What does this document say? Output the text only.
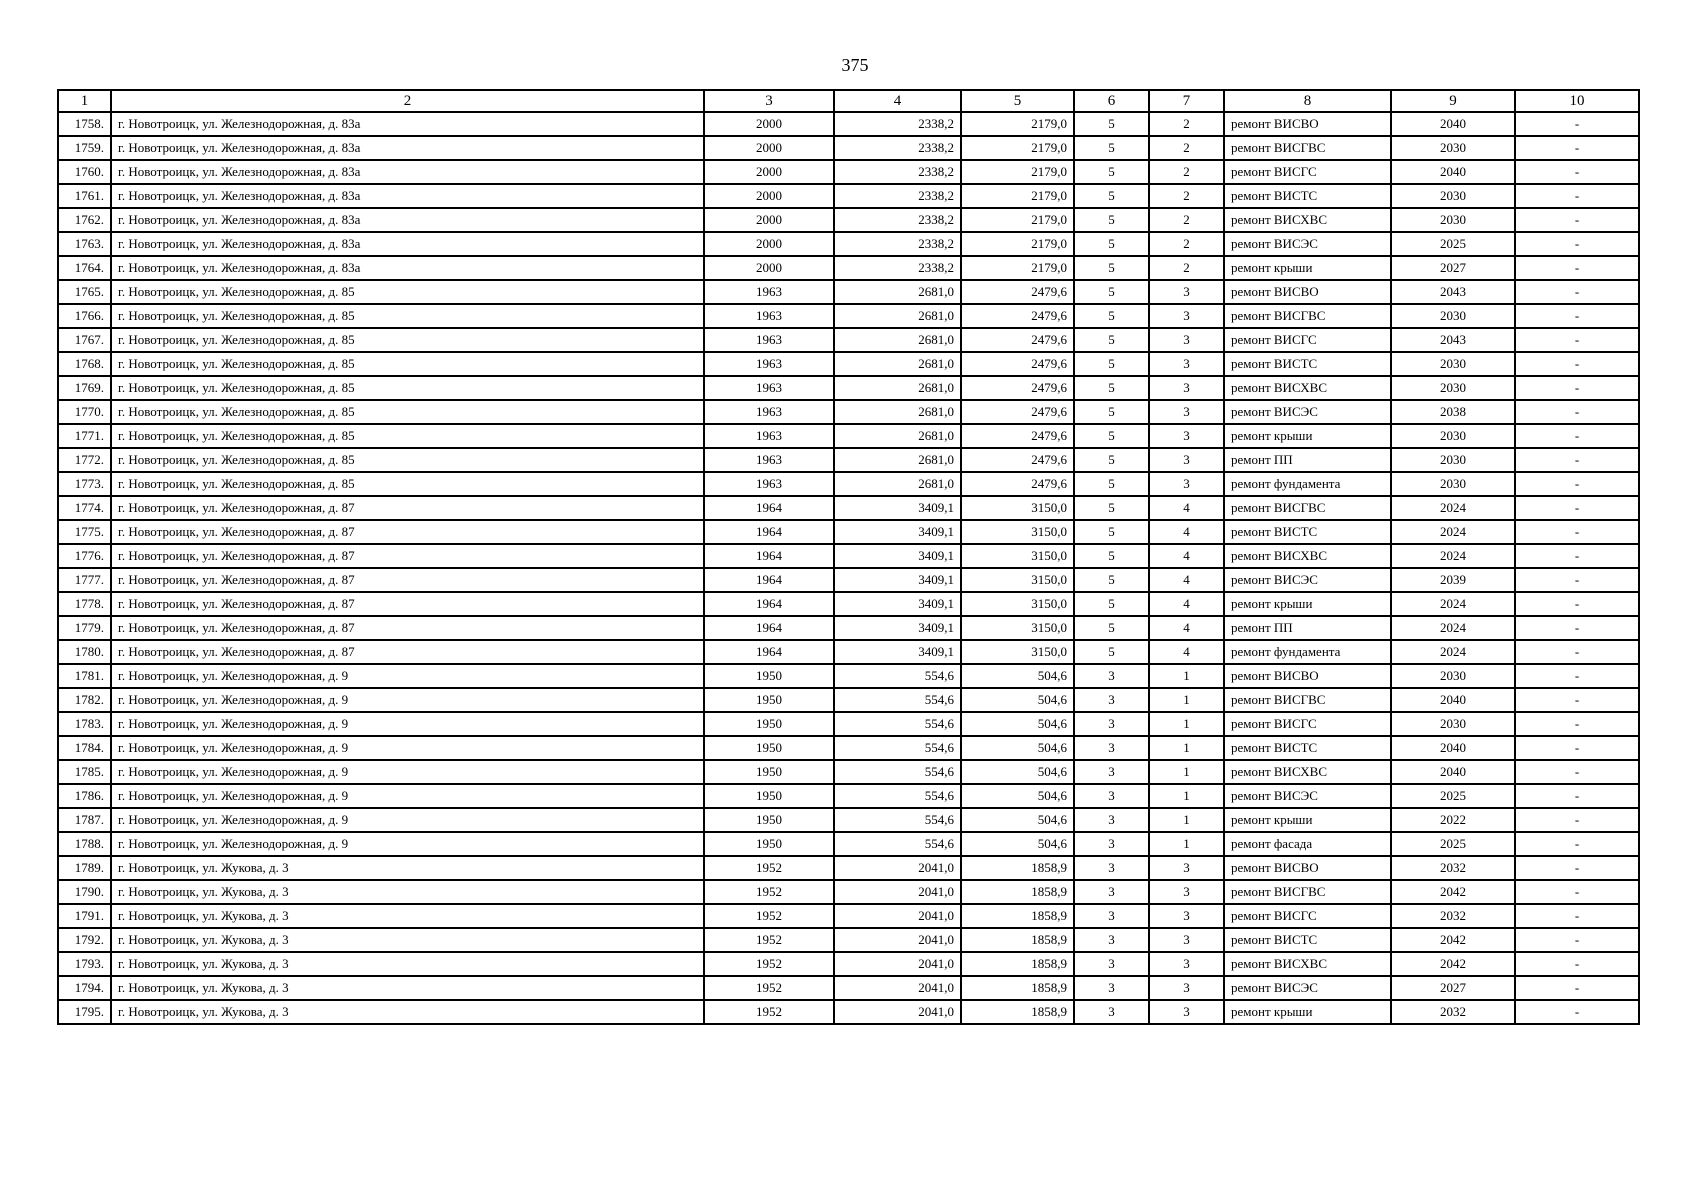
375
1	2	3	4	5	6	7	8	9	10
1758.	г. Новотроицк, ул. Железнодорожная, д. 83а	2000	2338,2	2179,0	5	2	ремонт ВИСВО	2040	-
1759.	г. Новотроицк, ул. Железнодорожная, д. 83а	2000	2338,2	2179,0	5	2	ремонт ВИСГВС	2030	-
1760.	г. Новотроицк, ул. Железнодорожная, д. 83а	2000	2338,2	2179,0	5	2	ремонт ВИСГС	2040	-
1761.	г. Новотроицк, ул. Железнодорожная, д. 83а	2000	2338,2	2179,0	5	2	ремонт ВИСТС	2030	-
1762.	г. Новотроицк, ул. Железнодорожная, д. 83а	2000	2338,2	2179,0	5	2	ремонт ВИСХВС	2030	-
1763.	г. Новотроицк, ул. Железнодорожная, д. 83а	2000	2338,2	2179,0	5	2	ремонт ВИСЭС	2025	-
1764.	г. Новотроицк, ул. Железнодорожная, д. 83а	2000	2338,2	2179,0	5	2	ремонт крыши	2027	-
1765.	г. Новотроицк, ул. Железнодорожная, д. 85	1963	2681,0	2479,6	5	3	ремонт ВИСВО	2043	-
1766.	г. Новотроицк, ул. Железнодорожная, д. 85	1963	2681,0	2479,6	5	3	ремонт ВИСГВС	2030	-
1767.	г. Новотроицк, ул. Железнодорожная, д. 85	1963	2681,0	2479,6	5	3	ремонт ВИСГС	2043	-
1768.	г. Новотроицк, ул. Железнодорожная, д. 85	1963	2681,0	2479,6	5	3	ремонт ВИСТС	2030	-
1769.	г. Новотроицк, ул. Железнодорожная, д. 85	1963	2681,0	2479,6	5	3	ремонт ВИСХВС	2030	-
1770.	г. Новотроицк, ул. Железнодорожная, д. 85	1963	2681,0	2479,6	5	3	ремонт ВИСЭС	2038	-
1771.	г. Новотроицк, ул. Железнодорожная, д. 85	1963	2681,0	2479,6	5	3	ремонт крыши	2030	-
1772.	г. Новотроицк, ул. Железнодорожная, д. 85	1963	2681,0	2479,6	5	3	ремонт ПП	2030	-
1773.	г. Новотроицк, ул. Железнодорожная, д. 85	1963	2681,0	2479,6	5	3	ремонт фундамента	2030	-
1774.	г. Новотроицк, ул. Железнодорожная, д. 87	1964	3409,1	3150,0	5	4	ремонт ВИСГВС	2024	-
1775.	г. Новотроицк, ул. Железнодорожная, д. 87	1964	3409,1	3150,0	5	4	ремонт ВИСТС	2024	-
1776.	г. Новотроицк, ул. Железнодорожная, д. 87	1964	3409,1	3150,0	5	4	ремонт ВИСХВС	2024	-
1777.	г. Новотроицк, ул. Железнодорожная, д. 87	1964	3409,1	3150,0	5	4	ремонт ВИСЭС	2039	-
1778.	г. Новотроицк, ул. Железнодорожная, д. 87	1964	3409,1	3150,0	5	4	ремонт крыши	2024	-
1779.	г. Новотроицк, ул. Железнодорожная, д. 87	1964	3409,1	3150,0	5	4	ремонт ПП	2024	-
1780.	г. Новотроицк, ул. Железнодорожная, д. 87	1964	3409,1	3150,0	5	4	ремонт фундамента	2024	-
1781.	г. Новотроицк, ул. Железнодорожная, д. 9	1950	554,6	504,6	3	1	ремонт ВИСВО	2030	-
1782.	г. Новотроицк, ул. Железнодорожная, д. 9	1950	554,6	504,6	3	1	ремонт ВИСГВС	2040	-
1783.	г. Новотроицк, ул. Железнодорожная, д. 9	1950	554,6	504,6	3	1	ремонт ВИСГС	2030	-
1784.	г. Новотроицк, ул. Железнодорожная, д. 9	1950	554,6	504,6	3	1	ремонт ВИСТС	2040	-
1785.	г. Новотроицк, ул. Железнодорожная, д. 9	1950	554,6	504,6	3	1	ремонт ВИСХВС	2040	-
1786.	г. Новотроицк, ул. Железнодорожная, д. 9	1950	554,6	504,6	3	1	ремонт ВИСЭС	2025	-
1787.	г. Новотроицк, ул. Железнодорожная, д. 9	1950	554,6	504,6	3	1	ремонт крыши	2022	-
1788.	г. Новотроицк, ул. Железнодорожная, д. 9	1950	554,6	504,6	3	1	ремонт фасада	2025	-
1789.	г. Новотроицк, ул. Жукова, д. 3	1952	2041,0	1858,9	3	3	ремонт ВИСВО	2032	-
1790.	г. Новотроицк, ул. Жукова, д. 3	1952	2041,0	1858,9	3	3	ремонт ВИСГВС	2042	-
1791.	г. Новотроицк, ул. Жукова, д. 3	1952	2041,0	1858,9	3	3	ремонт ВИСГС	2032	-
1792.	г. Новотроицк, ул. Жукова, д. 3	1952	2041,0	1858,9	3	3	ремонт ВИСТС	2042	-
1793.	г. Новотроицк, ул. Жукова, д. 3	1952	2041,0	1858,9	3	3	ремонт ВИСХВС	2042	-
1794.	г. Новотроицк, ул. Жукова, д. 3	1952	2041,0	1858,9	3	3	ремонт ВИСЭС	2027	-
1795.	г. Новотроицк, ул. Жукова, д. 3	1952	2041,0	1858,9	3	3	ремонт крыши	2032	-
